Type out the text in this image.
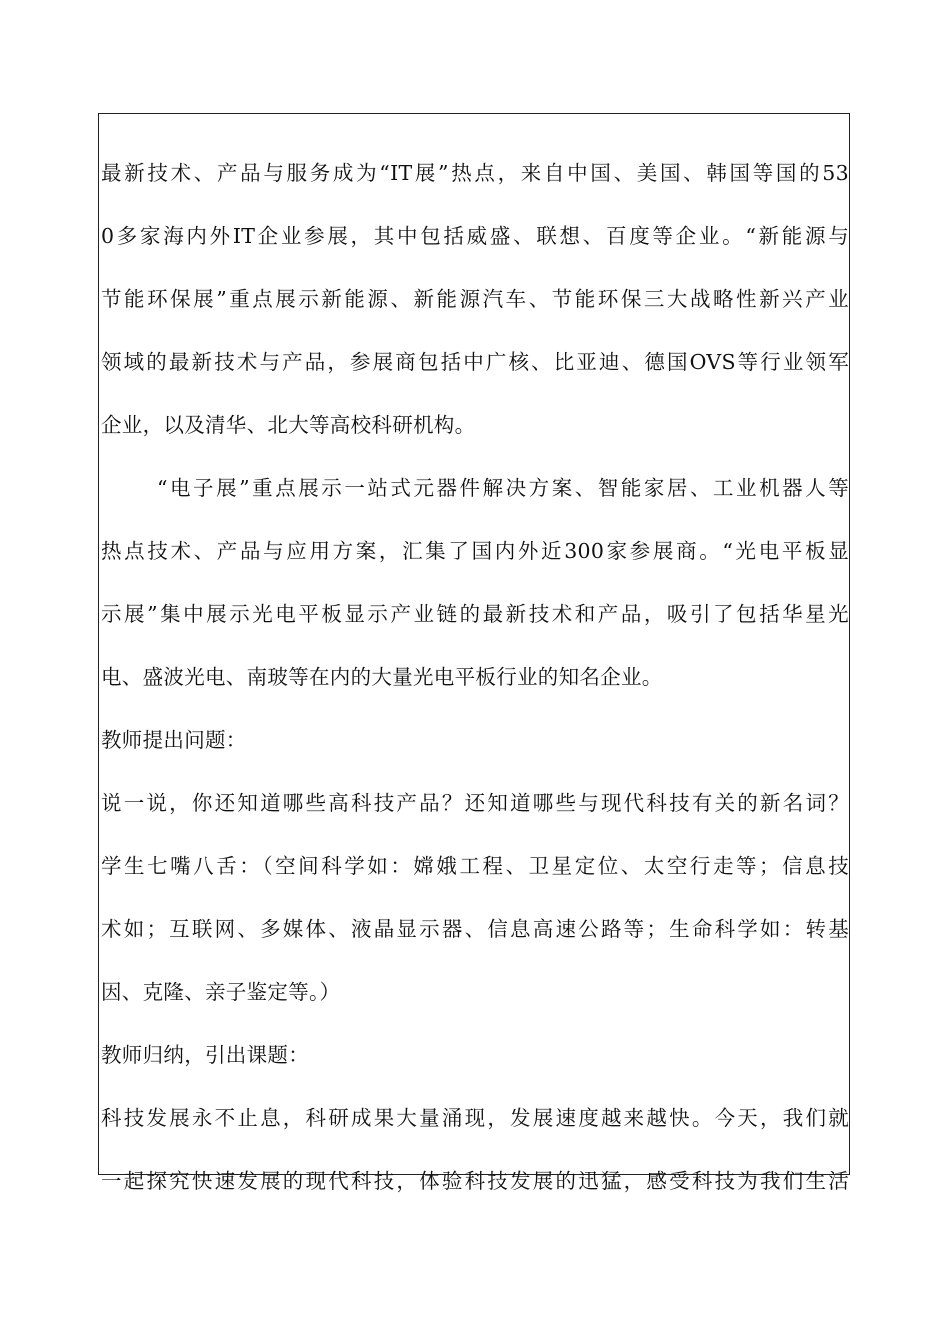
最新技术、产品与服务成为“IT展”热点，来自中国、美国、韩国等国的53
0多家海内外IT企业参展，其中包括威盛、联想、百度等企业。“新能源与
节能环保展”重点展示新能源、新能源汽车、节能环保三大战略性新兴产业
领域的最新技术与产品，参展商包括中广核、比亚迪、德国OVS等行业领军
企业，以及清华、北大等高校科研机构。
“电子展”重点展示一站式元器件解决方案、智能家居、工业机器人等
热点技术、产品与应用方案，汇集了国内外近300家参展商。“光电平板显
示展”集中展示光电平板显示产业链的最新技术和产品，吸引了包括华星光
电、盛波光电、南玻等在内的大量光电平板行业的知名企业。
教师提出问题：
说一说，你还知道哪些高科技产品？还知道哪些与现代科技有关的新名词？
学生七嘴八舌：（空间科学如：嫦娥工程、卫星定位、太空行走等；信息技
术如；互联网、多媒体、液晶显示器、信息高速公路等；生命科学如：转基
因、克隆、亲子鉴定等。）
教师归纳，引出课题：
科技发展永不止息，科研成果大量涌现，发展速度越来越快。今天，我们就
一起探究快速发展的现代科技，体验科技发展的迅猛，感受科技为我们生活
